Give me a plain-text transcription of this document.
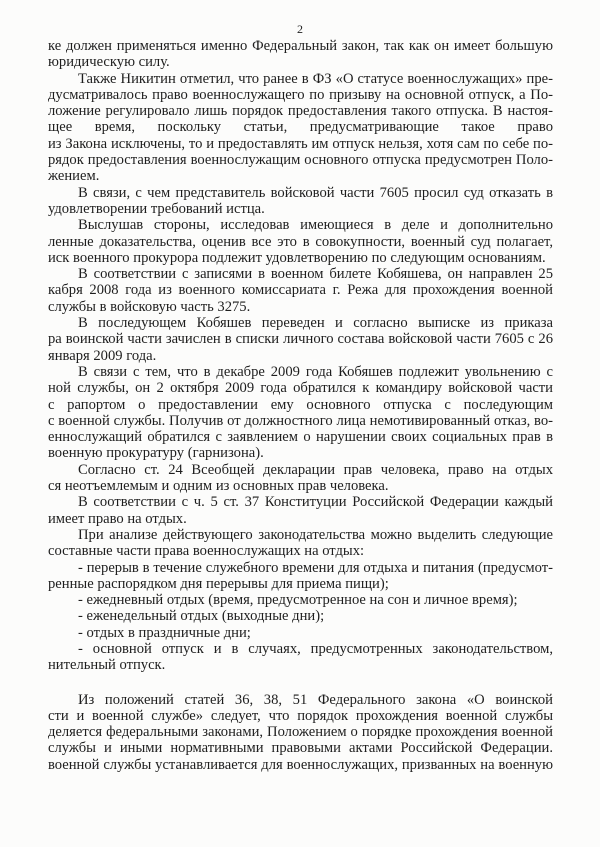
2
ке должен применяться именно Федеральный закон, так как он имеет большую
юридическую силу.
Также Никитин отметил, что ранее в ФЗ «О статусе военнослужащих» пре-
дусматривалось право военнослужащего по призыву на основной отпуск, а По-
ложение регулировало лишь порядок предоставления такого отпуска. В настоя-
щее время, поскольку статьи, предусматривающие такое право
из Закона исключены, то и предоставлять им отпуск нельзя, хотя сам по себе по-
рядок предоставления военнослужащим основного отпуска предусмотрен Поло-
жением.
В связи, с чем представитель войсковой части 7605 просил суд отказать в
удовлетворении требований истца.
Выслушав стороны, исследовав имеющиеся в деле и дополнительно
ленные доказательства, оценив все это в совокупности, военный суд полагает,
иск военного прокурора подлежит удовлетворению по следующим основаниям.
В соответствии с записями в военном билете Кобяшева, он направлен 25
кабря 2008 года из военного комиссариата г. Режа для прохождения военной
службы в войсковую часть 3275.
В последующем Кобяшев переведен и согласно выписке из приказа
ра воинской части зачислен в списки личного состава войсковой части 7605 с 26
января 2009 года.
В связи с тем, что в декабре 2009 года Кобяшев подлежит увольнению с
ной службы, он 2 октября 2009 года обратился к командиру войсковой части
с рапортом о предоставлении ему основного отпуска с последующим
с военной службы. Получив от должностного лица немотивированный отказ, во-
еннослужащий обратился с заявлением о нарушении своих социальных прав в
военную прокуратуру (гарнизона).
Согласно ст. 24 Всеобщей декларации прав человека, право на отдых
ся неотъемлемым и одним из основных прав человека.
В соответствии с ч. 5 ст. 37 Конституции Российской Федерации каждый
имеет право на отдых.
При анализе действующего законодательства можно выделить следующие
составные части права военнослужащих на отдых:
- перерыв в течение служебного времени для отдыха и питания (предусмот-
ренные распорядком дня перерывы для приема пищи);
- ежедневный отдых (время, предусмотренное на сон и личное время);
- еженедельный отдых (выходные дни);
- отдых в праздничные дни;
- основной отпуск и в случаях, предусмотренных законодательством,
нительный отпуск.
Из положений статей 36, 38, 51 Федерального закона «О воинской
сти и военной службе» следует, что порядок прохождения военной службы
деляется федеральными законами, Положением о порядке прохождения военной
службы и иными нормативными правовыми актами Российской Федерации.
военной службы устанавливается для военнослужащих, призванных на военную
